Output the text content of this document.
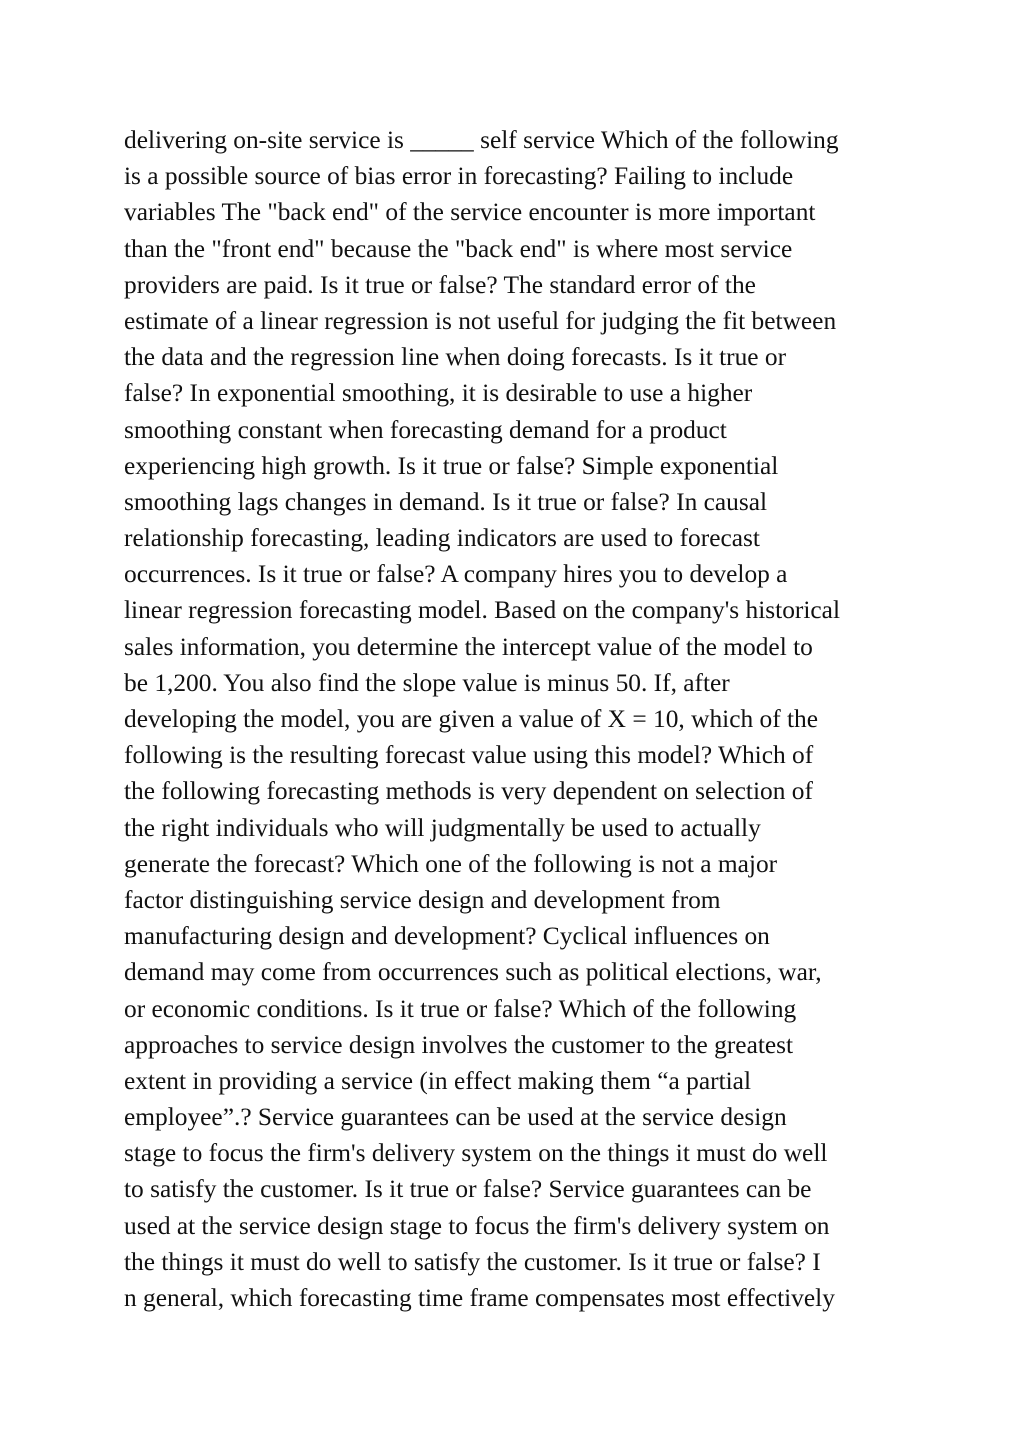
delivering on-site service is _____ self service Which of the following
is a possible source of bias error in forecasting? Failing to include
variables The "back end" of the service encounter is more important
than the "front end" because the "back end" is where most service
providers are paid. Is it true or false? The standard error of the
estimate of a linear regression is not useful for judging the fit between
the data and the regression line when doing forecasts. Is it true or
false? In exponential smoothing, it is desirable to use a higher
smoothing constant when forecasting demand for a product
experiencing high growth. Is it true or false? Simple exponential
smoothing lags changes in demand. Is it true or false? In causal
relationship forecasting, leading indicators are used to forecast
occurrences. Is it true or false? A company hires you to develop a
linear regression forecasting model. Based on the company's historical
sales information, you determine the intercept value of the model to
be 1,200. You also find the slope value is minus 50. If, after
developing the model, you are given a value of X = 10, which of the
following is the resulting forecast value using this model? Which of
the following forecasting methods is very dependent on selection of
the right individuals who will judgmentally be used to actually
generate the forecast? Which one of the following is not a major
factor distinguishing service design and development from
manufacturing design and development? Cyclical influences on
demand may come from occurrences such as political elections, war,
or economic conditions. Is it true or false? Which of the following
approaches to service design involves the customer to the greatest
extent in providing a service (in effect making them “a partial
employee”.? Service guarantees can be used at the service design
stage to focus the firm's delivery system on the things it must do well
to satisfy the customer. Is it true or false? Service guarantees can be
used at the service design stage to focus the firm's delivery system on
the things it must do well to satisfy the customer. Is it true or false? I
n general, which forecasting time frame compensates most effectively
